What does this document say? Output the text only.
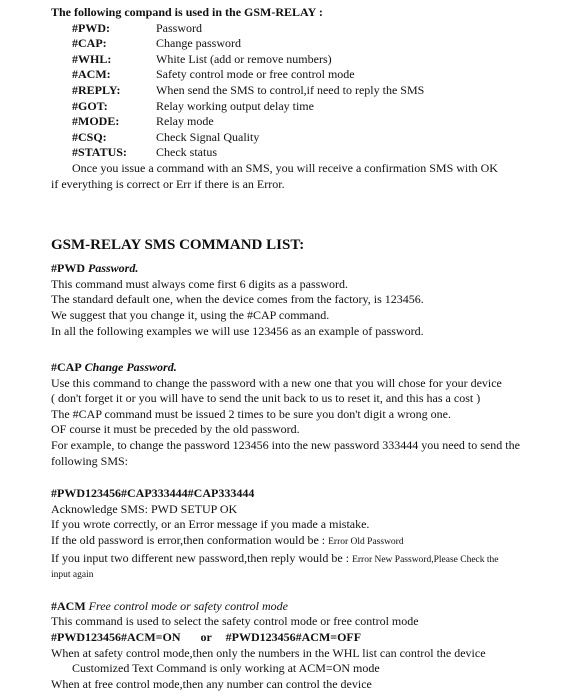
The following compand is used in the GSM-RELAY :
#PWD:	Password
#CAP:	Change password
#WHL:	White List (add or remove numbers)
#ACM:	Safety control mode or free control mode
#REPLY:	When send the SMS to control,if need to reply the SMS
#GOT:	Relay working output delay time
#MODE:	Relay mode
#CSQ:	Check Signal Quality
#STATUS:	Check status
Once you issue a command with an SMS, you will receive a confirmation SMS with OK
if everything is correct or Err if there is an Error.
GSM-RELAY SMS COMMAND LIST:
#PWD Password.
This command must always come first 6 digits as a password.
The standard default one, when the device comes from the factory, is 123456.
We suggest that you change it, using the #CAP command.
In all the following examples we will use 123456 as an example of password.
#CAP Change Password.
Use this command to change the password with a new one that you will chose for your device
( don't forget it or you will have to send the unit back to us to reset it, and this has a cost )
The #CAP command must be issued 2 times to be sure you don't digit a wrong one.
OF course it must be preceded by the old password.
For example, to change the password 123456 into the new password 333444 you need to send the
following SMS:
#PWD123456#CAP333444#CAP333444
Acknowledge SMS: PWD SETUP OK
If you wrote correctly, or an Error message if you made a mistake.
If the old password is error,then conformation would be : Error Old Password
If you input two different new password,then reply would be : Error New Password,Please Check the
input again
#ACM Free control mode or safety control mode
This command is used to select the safety control mode or free control mode
#PWD123456#ACM=ON or #PWD123456#ACM=OFF
When at safety control mode,then only the numbers in the WHL list can control the device
Customized Text Command is only working at ACM=ON mode
When at free control mode,then any number can control the device
